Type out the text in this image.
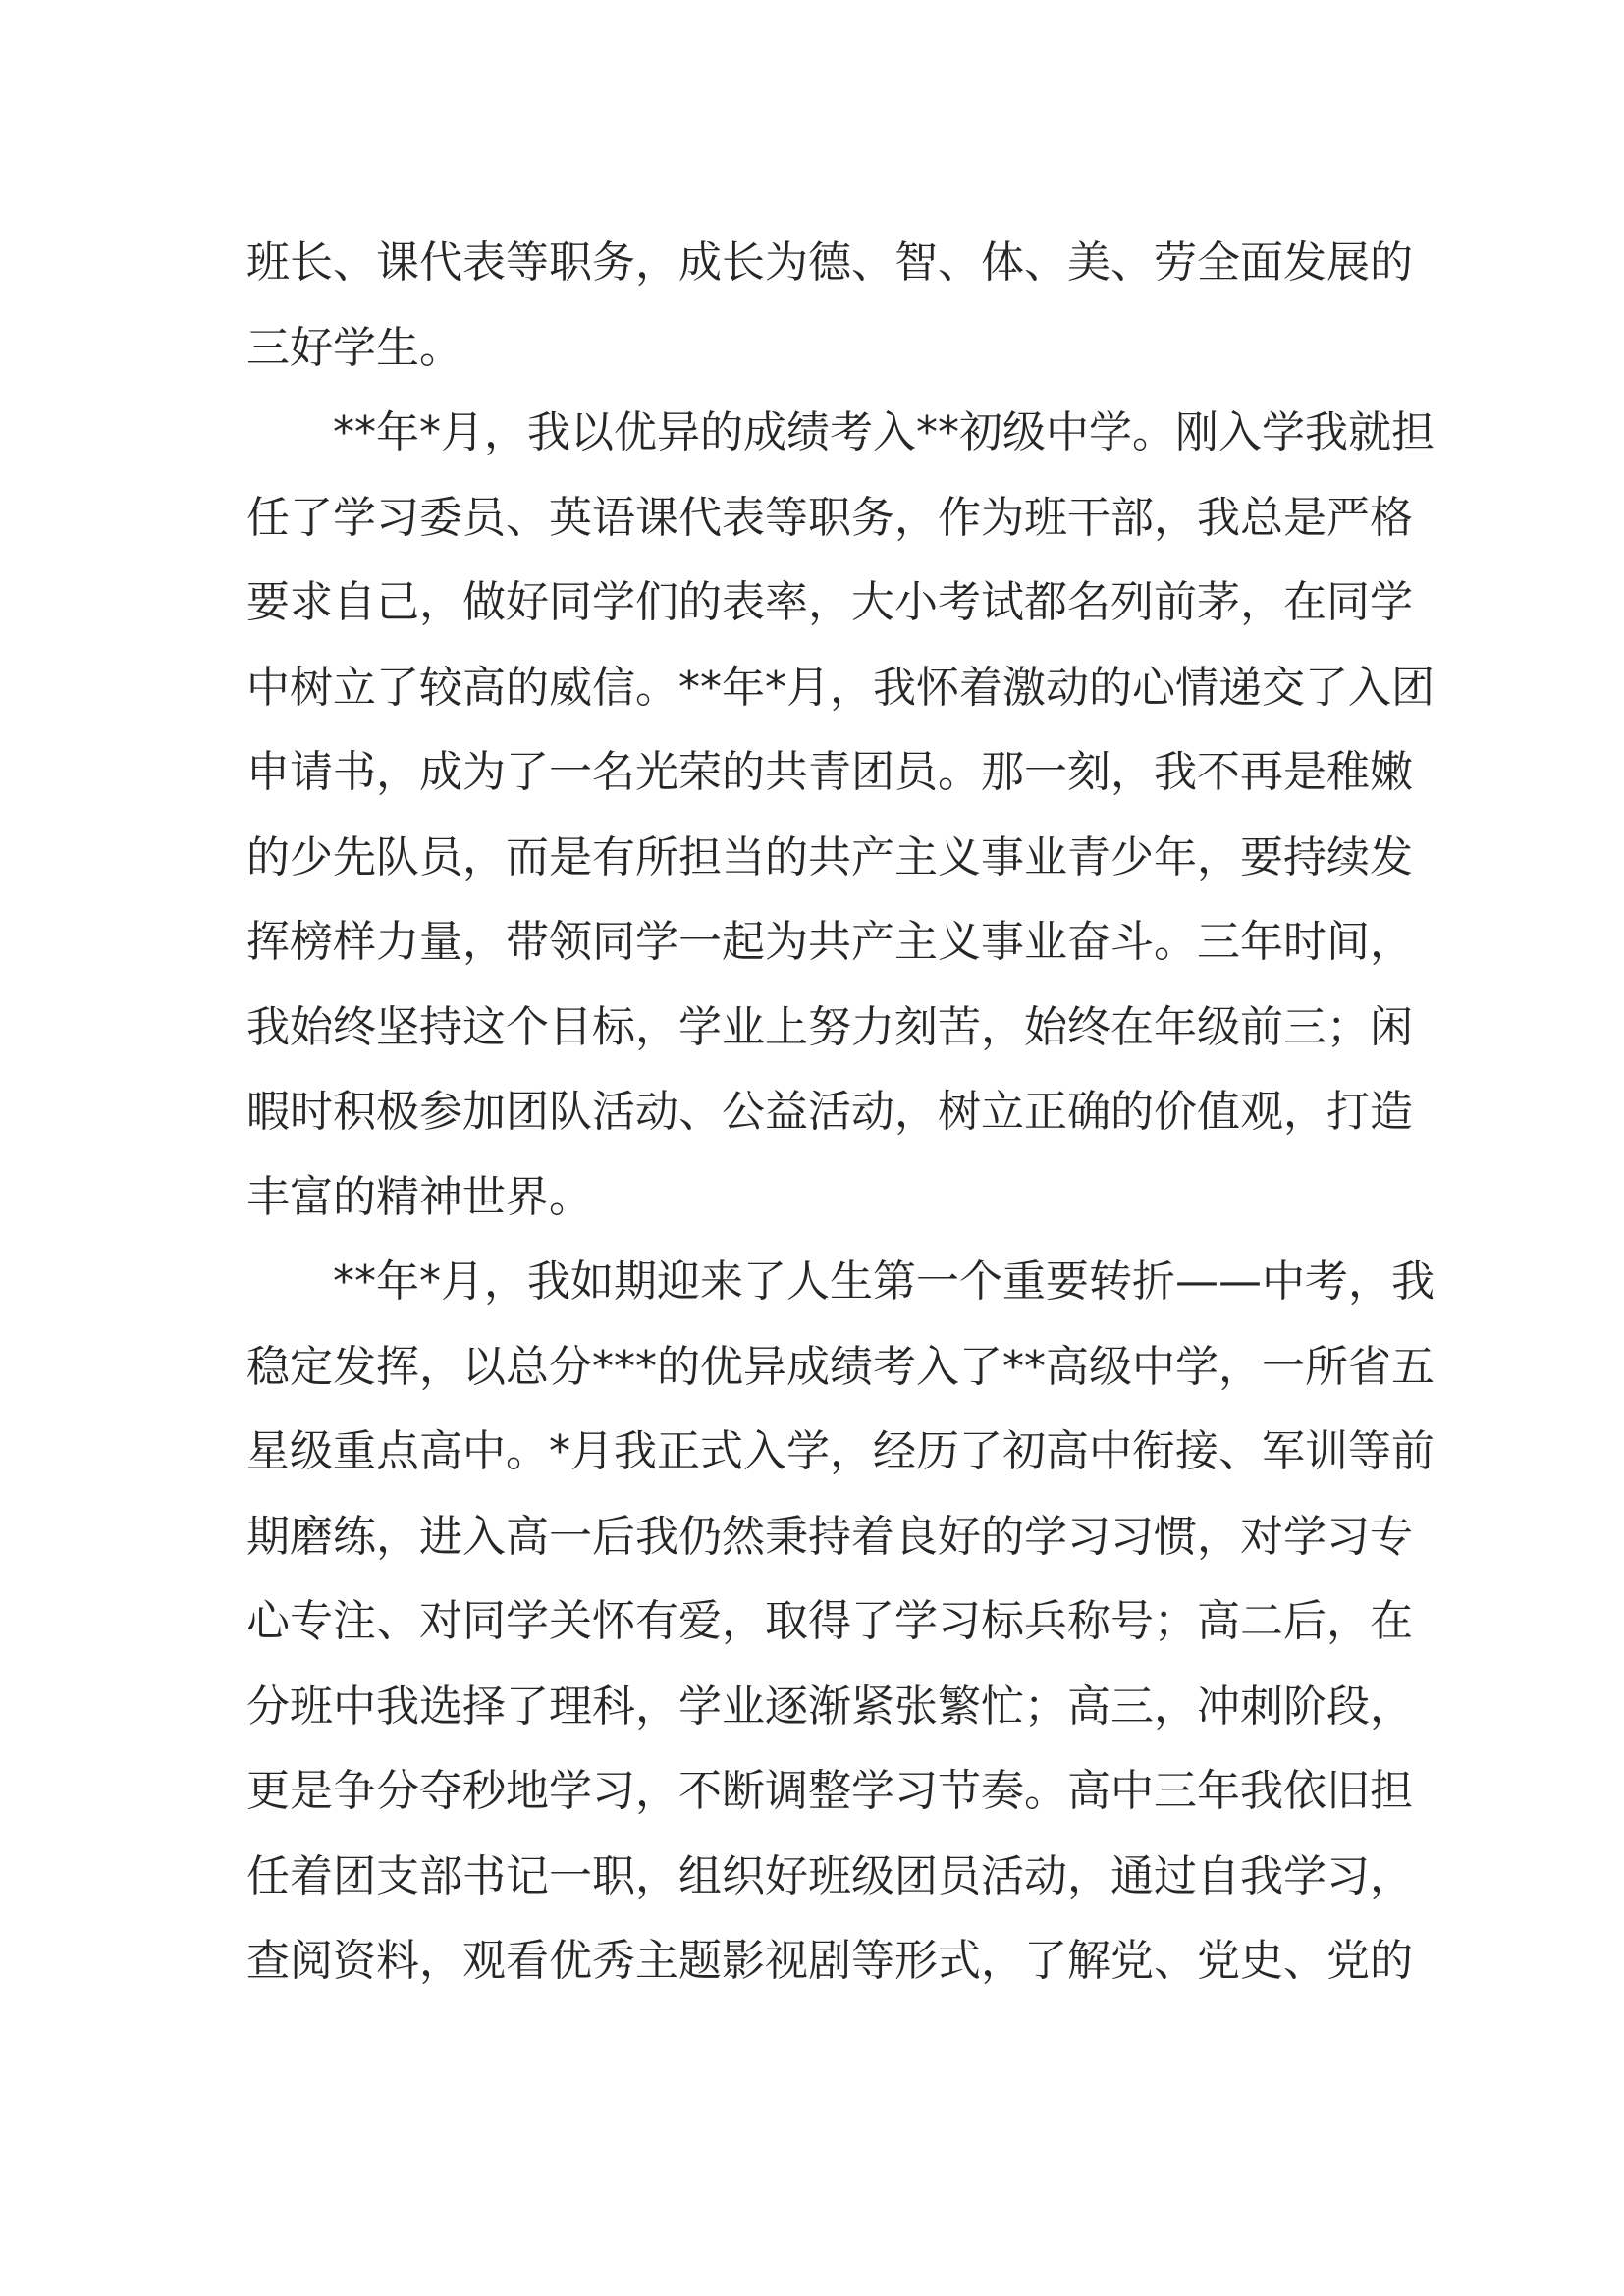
班长、课代表等职务，成长为德、智、体、美、劳全面发展的
三好学生。
　　**年*月，我以优异的成绩考入**初级中学。刚入学我就担
任了学习委员、英语课代表等职务，作为班干部，我总是严格
要求自己，做好同学们的表率，大小考试都名列前茅，在同学
中树立了较高的威信。**年*月，我怀着激动的心情递交了入团
申请书，成为了一名光荣的共青团员。那一刻，我不再是稚嫩
的少先队员，而是有所担当的共产主义事业青少年，要持续发
挥榜样力量，带领同学一起为共产主义事业奋斗。三年时间，
我始终坚持这个目标，学业上努力刻苦，始终在年级前三；闲
暇时积极参加团队活动、公益活动，树立正确的价值观，打造
丰富的精神世界。
　　**年*月，我如期迎来了人生第一个重要转折——中考，我
稳定发挥，以总分***的优异成绩考入了**高级中学，一所省五
星级重点高中。*月我正式入学，经历了初高中衔接、军训等前
期磨练，进入高一后我仍然秉持着良好的学习习惯，对学习专
心专注、对同学关怀有爱，取得了学习标兵称号；高二后，在
分班中我选择了理科，学业逐渐紧张繁忙；高三，冲刺阶段，
更是争分夺秒地学习，不断调整学习节奏。高中三年我依旧担
任着团支部书记一职，组织好班级团员活动，通过自我学习，
查阅资料，观看优秀主题影视剧等形式，了解党、党史、党的
